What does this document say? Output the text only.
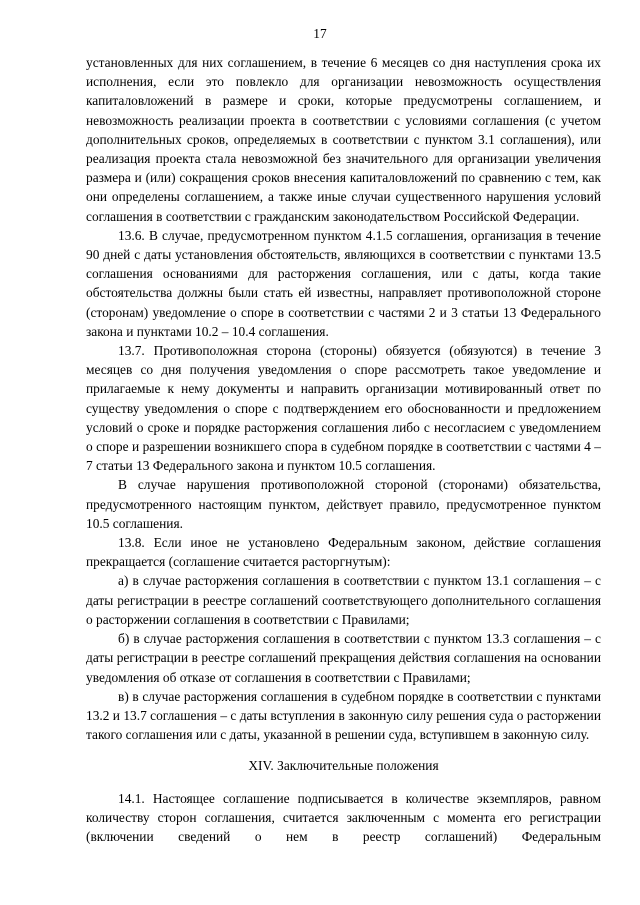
17

установленных для них соглашением, в течение 6 месяцев со дня наступления срока их исполнения, если это повлекло для организации невозможность осуществления капиталовложений в размере и сроки, которые предусмотрены соглашением, и невозможность реализации проекта в соответствии с условиями соглашения (с учетом дополнительных сроков, определяемых в соответствии с пунктом 3.1 соглашения), или реализация проекта стала невозможной без значительного для организации увеличения размера и (или) сокращения сроков внесения капиталовложений по сравнению с тем, как они определены соглашением, а также иные случаи существенного нарушения условий соглашения в соответствии с гражданским законодательством Российской Федерации.

13.6. В случае, предусмотренном пунктом 4.1.5 соглашения, организация в течение 90 дней с даты установления обстоятельств, являющихся в соответствии с пунктами 13.5 соглашения основаниями для расторжения соглашения, или с даты, когда такие обстоятельства должны были стать ей известны, направляет противоположной стороне (сторонам) уведомление о споре в соответствии с частями 2 и 3 статьи 13 Федерального закона и пунктами 10.2 – 10.4 соглашения.

13.7. Противоположная сторона (стороны) обязуется (обязуются) в течение 3 месяцев со дня получения уведомления о споре рассмотреть такое уведомление и прилагаемые к нему документы и направить организации мотивированный ответ по существу уведомления о споре с подтверждением его обоснованности и предложением условий о сроке и порядке расторжения соглашения либо с несогласием с уведомлением о споре и разрешении возникшего спора в судебном порядке в соответствии с частями 4 – 7 статьи 13 Федерального закона и пунктом 10.5 соглашения.

В случае нарушения противоположной стороной (сторонами) обязательства, предусмотренного настоящим пунктом, действует правило, предусмотренное пунктом 10.5 соглашения.

13.8. Если иное не установлено Федеральным законом, действие соглашения прекращается (соглашение считается расторгнутым):

а) в случае расторжения соглашения в соответствии с пунктом 13.1 соглашения – с даты регистрации в реестре соглашений соответствующего дополнительного соглашения о расторжении соглашения в соответствии с Правилами;

б) в случае расторжения соглашения в соответствии с пунктом 13.3 соглашения – с даты регистрации в реестре соглашений прекращения действия соглашения на основании уведомления об отказе от соглашения в соответствии с Правилами;

в) в случае расторжения соглашения в судебном порядке в соответствии с пунктами 13.2 и 13.7 соглашения – с даты вступления в законную силу решения суда о расторжении такого соглашения или с даты, указанной в решении суда, вступившем в законную силу.

XIV. Заключительные положения

14.1. Настоящее соглашение подписывается в количестве экземпляров, равном количеству сторон соглашения, считается заключенным с момента его регистрации (включении сведений о нем в реестр соглашений) Федеральным
